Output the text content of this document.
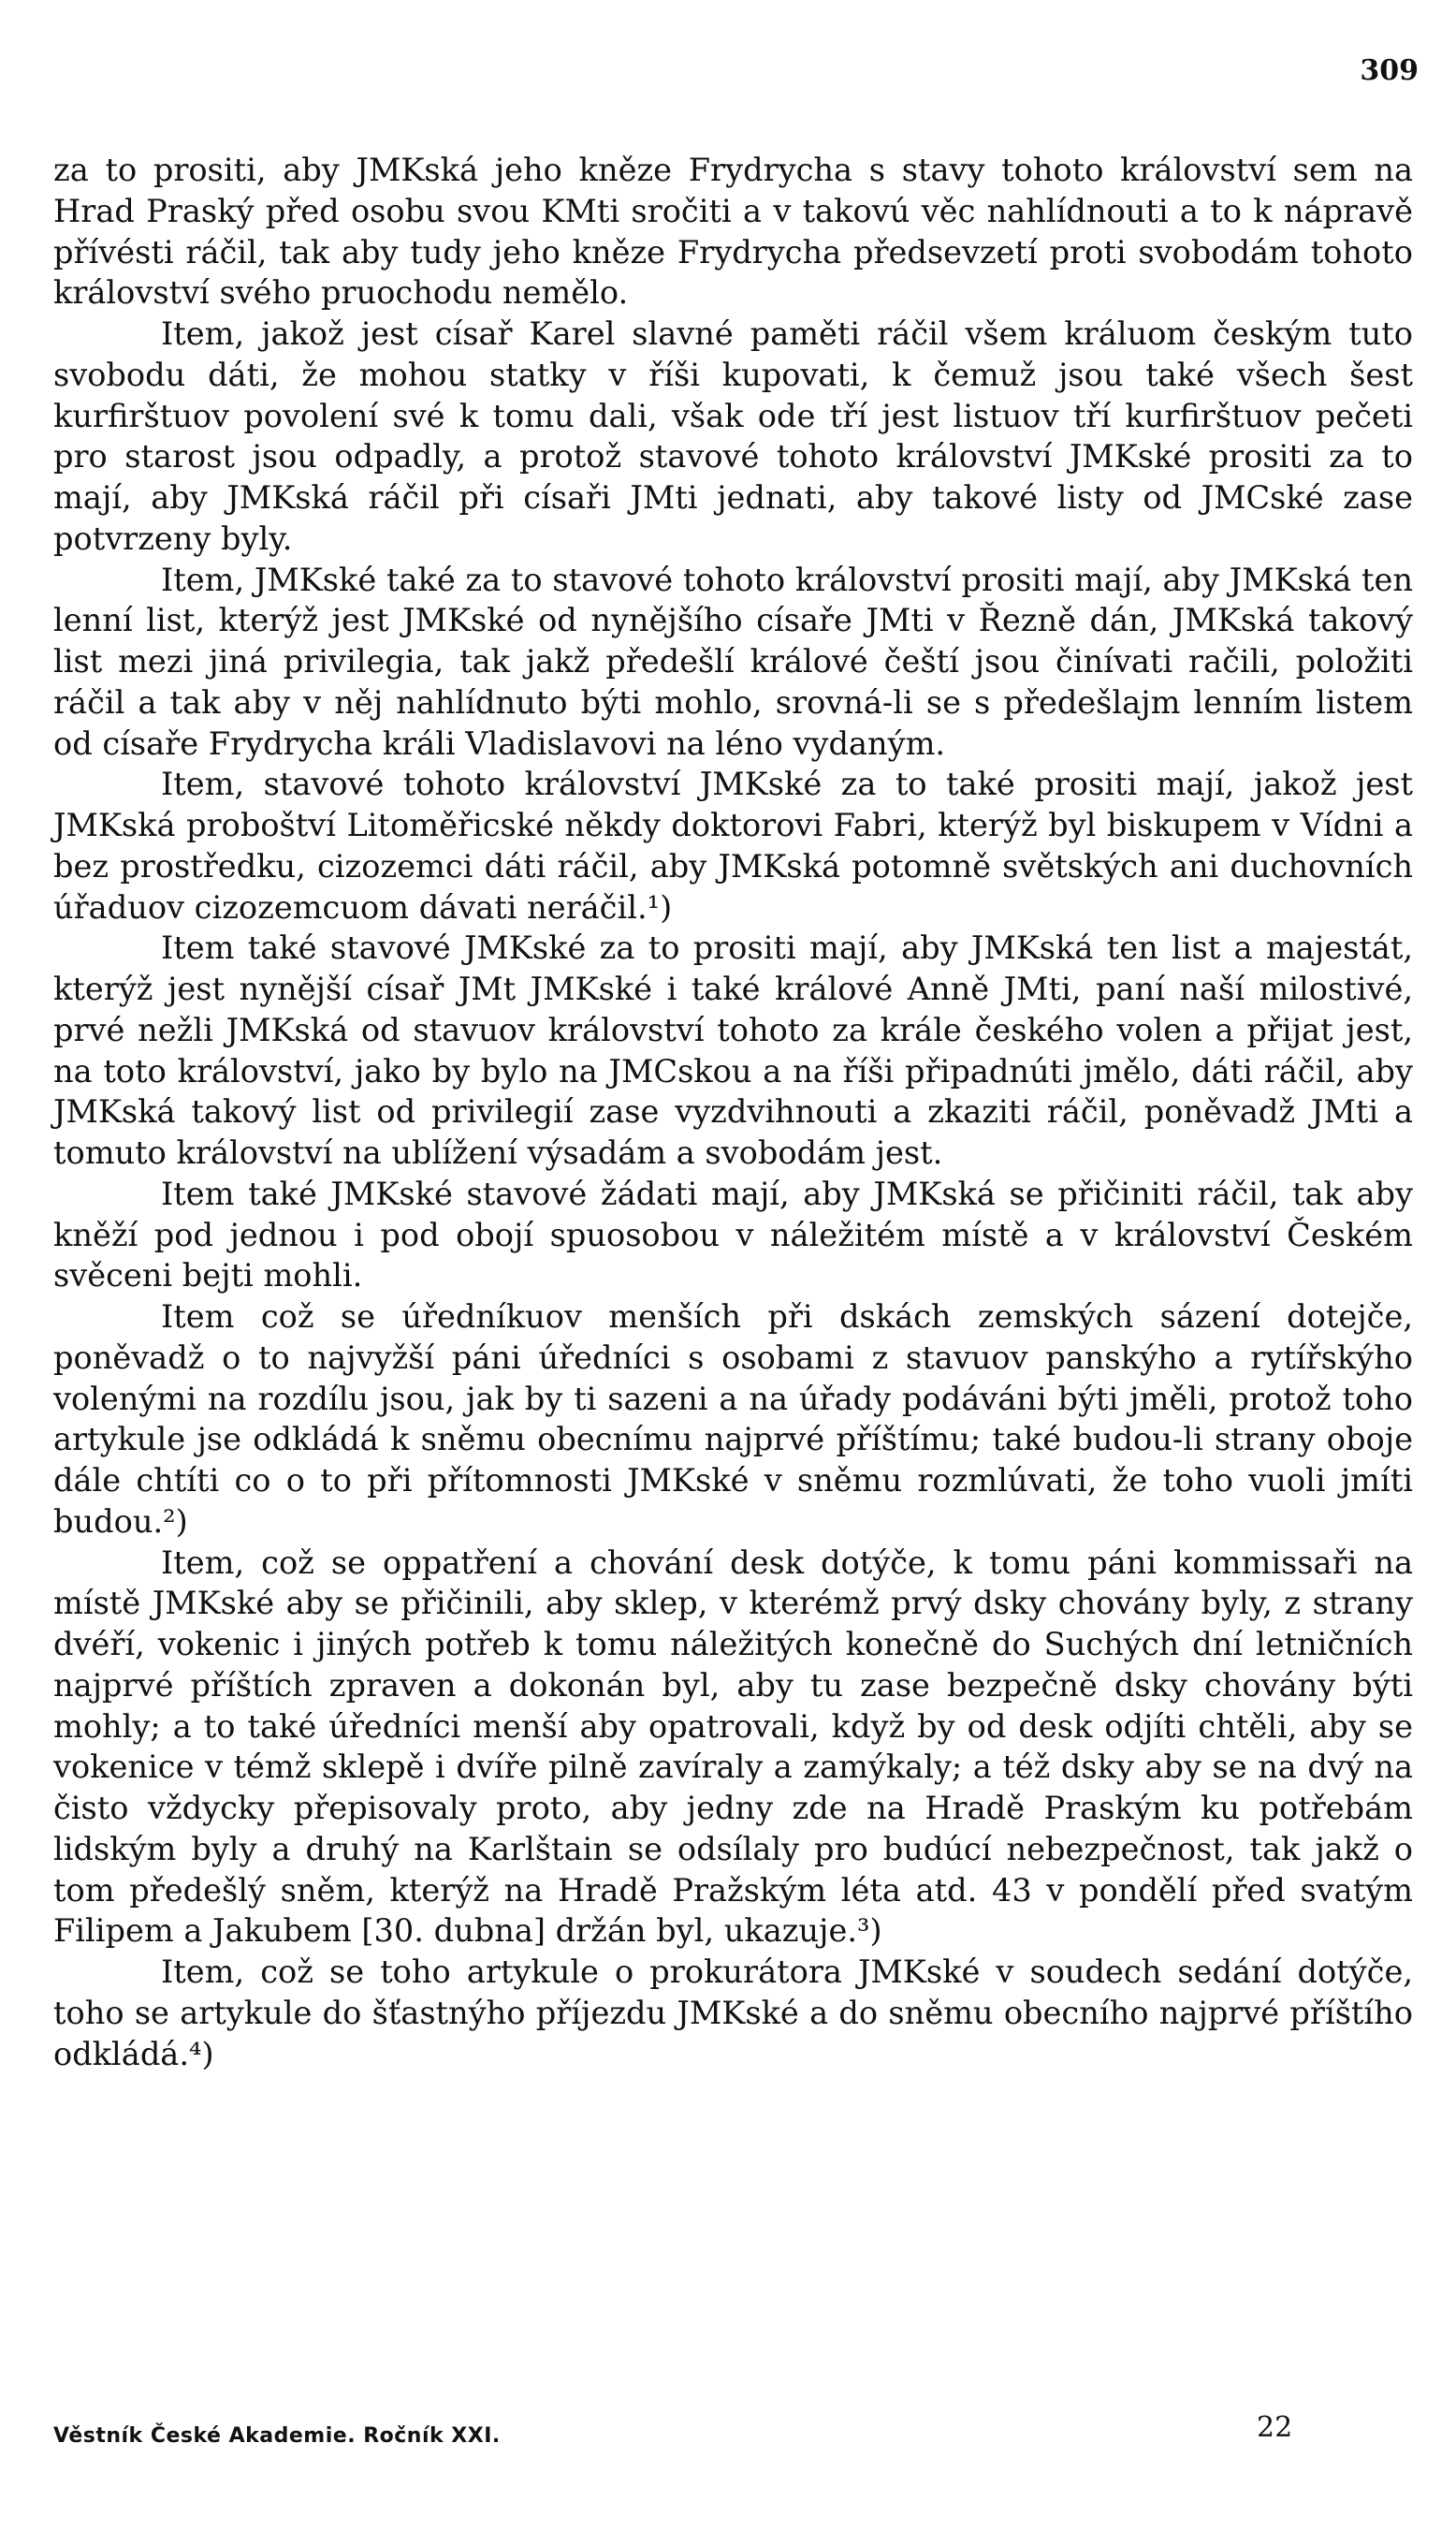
309

za to prositi, aby JMKská jeho kněze Frydrycha s stavy tohoto království sem na Hrad Praský před osobu svou KMti sročiti a v takovú věc nahlídnouti a to k nápravě přívésti ráčil, tak aby tudy jeho kněze Frydrycha předsevzetí proti svobodám tohoto království svého pruochodu nemělo.

Item, jakož jest císař Karel slavné paměti ráčil všem králuom českým tuto svobodu dáti, že mohou statky v říši kupovati, k čemuž jsou také všech šest kurfirštuov povolení své k tomu dali, však ode tří jest listuov tří kurfirštuov pečeti pro starost jsou odpadly, a protož stavové tohoto království JMKské prositi za to mají, aby JMKská ráčil při císaři JMti jednati, aby takové listy od JMCské zase potvrzeny byly.

Item, JMKské také za to stavové tohoto království prositi mají, aby JMKská ten lenní list, kterýž jest JMKské od nynějšího císaře JMti v Řezně dán, JMKská takový list mezi jiná privilegia, tak jakž předešlí králové čeští jsou činívati račili, položiti ráčil a tak aby v něj nahlídnuto býti mohlo, srovná-li se s předešlajm lenním listem od císaře Frydrycha králi Vladislavovi na léno vydaným.

Item, stavové tohoto království JMKské za to také prositi mají, jakož jest JMKská proboštví Litoměřicské někdy doktorovi Fabri, kterýž byl biskupem v Vídni a bez prostředku, cizozemci dáti ráčil, aby JMKská potomně světských ani duchovních úřaduov cizozemcuom dávati neráčil.¹)

Item také stavové JMKské za to prositi mají, aby JMKská ten list a majestát, kterýž jest nynější císař JMt JMKské i také králové Anně JMti, paní naší milostivé, prvé nežli JMKská od stavuov království tohoto za krále českého volen a přijat jest, na toto království, jako by bylo na JMCskou a na říši připadnúti jmělo, dáti ráčil, aby JMKská takový list od privilegií zase vyzdvihnouti a zkaziti ráčil, poněvadž JMti a tomuto království na ublížení výsadám a svobodám jest.

Item také JMKské stavové žádati mají, aby JMKská se přičiniti ráčil, tak aby kněží pod jednou i pod obojí spuosobou v náležitém místě a v království Českém svěceni bejti mohli.

Item což se úředníkuov menších při dskách zemských sázení dotejče, poněvadž o to najvyžší páni úředníci s osobami z stavuov panskýho a rytířskýho volenými na rozdílu jsou, jak by ti sazeni a na úřady podáváni býti jměli, protož toho artykule jse odkládá k sněmu obecnímu najprvé příštímu; také budou-li strany oboje dále chtíti co o to při přítomnosti JMKské v sněmu rozmlúvati, že toho vuoli jmíti budou.²)

Item, což se oppatření a chování desk dotýče, k tomu páni kommissaři na místě JMKské aby se přičinili, aby sklep, v kterémž prvý dsky chovány byly, z strany dvéří, vokenic i jiných potřeb k tomu náležitých konečně do Suchých dní letničních najprvé příštích zpraven a dokonán byl, aby tu zase bezpečně dsky chovány býti mohly; a to také úředníci menší aby opatrovali, když by od desk odjíti chtěli, aby se vokenice v témž sklepě i dvíře pilně zavíraly a zamýkaly; a též dsky aby se na dvý na čisto vždycky přepisovaly proto, aby jedny zde na Hradě Praským ku potřebám lidským byly a druhý na Karlštain se odsílaly pro budúcí nebezpečnost, tak jakž o tom předešlý sněm, kterýž na Hradě Pražským léta atd. 43 v pondělí před svatým Filipem a Jakubem [30. dubna] držán byl, ukazuje.³)

Item, což se toho artykule o prokurátora JMKské v soudech sedání dotýče, toho se artykule do šťastnýho příjezdu JMKské a do sněmu obecního najprvé příštího odkládá.⁴)

Věstník České Akademie. Ročník XXI.	22
